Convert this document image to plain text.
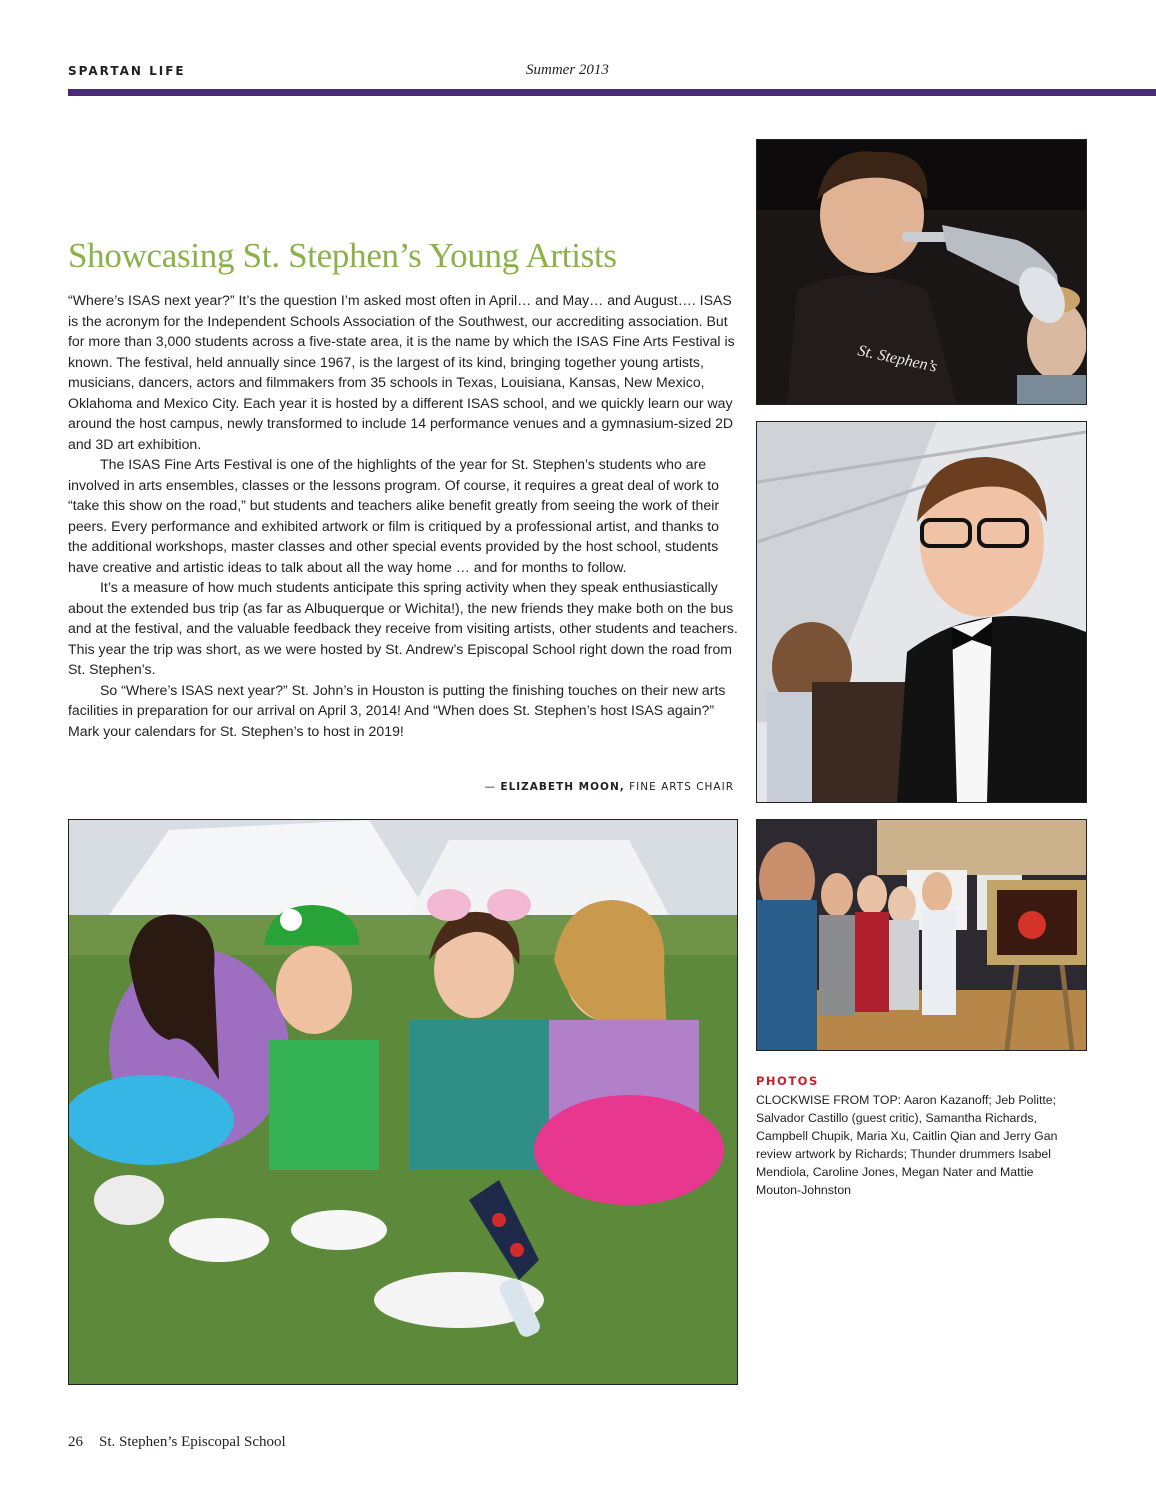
SPARTAN LIFE	Summer 2013
Showcasing St. Stephen’s Young Artists

“Where’s ISAS next year?” It’s the question I’m asked most often in April… and May… and August…. ISAS is the acronym for the Independent Schools Association of the Southwest, our accrediting association. But for more than 3,000 students across a five-state area, it is the name by which the ISAS Fine Arts Festival is known. The festival, held annually since 1967, is the largest of its kind, bringing together young artists, musicians, dancers, actors and filmmakers from 35 schools in Texas, Louisiana, Kansas, New Mexico, Oklahoma and Mexico City. Each year it is hosted by a different ISAS school, and we quickly learn our way around the host campus, newly transformed to include 14 performance venues and a gymnasium-sized 2D and 3D art exhibition.

The ISAS Fine Arts Festival is one of the highlights of the year for St. Stephen’s students who are involved in arts ensembles, classes or the lessons program. Of course, it requires a great deal of work to “take this show on the road,” but students and teachers alike benefit greatly from seeing the work of their peers. Every performance and exhibited artwork or film is critiqued by a professional artist, and thanks to the additional workshops, master classes and other special events provided by the host school, students have creative and artistic ideas to talk about all the way home … and for months to follow.

It’s a measure of how much students anticipate this spring activity when they speak enthusiastically about the extended bus trip (as far as Albuquerque or Wichita!), the new friends they make both on the bus and at the festival, and the valuable feedback they receive from visiting artists, other students and teachers. This year the trip was short, as we were hosted by St. Andrew’s Episcopal School right down the road from St. Stephen’s.

So “Where’s ISAS next year?” St. John’s in Houston is putting the finishing touches on their new arts facilities in preparation for our arrival on April 3, 2014! And “When does St. Stephen’s host ISAS again?” Mark your calendars for St. Stephen’s to host in 2019!

— ELIZABETH MOON, FINE ARTS CHAIR
St. Stephen’s
PHOTOS
CLOCKWISE FROM TOP: Aaron Kazanoff; Jeb Politte; Salvador Castillo (guest critic), Samantha Richards, Campbell Chupik, Maria Xu, Caitlin Qian and Jerry Gan review artwork by Richards; Thunder drummers Isabel Mendiola, Caroline Jones, Megan Nater and Mattie Mouton-Johnston
26 St. Stephen’s Episcopal School
